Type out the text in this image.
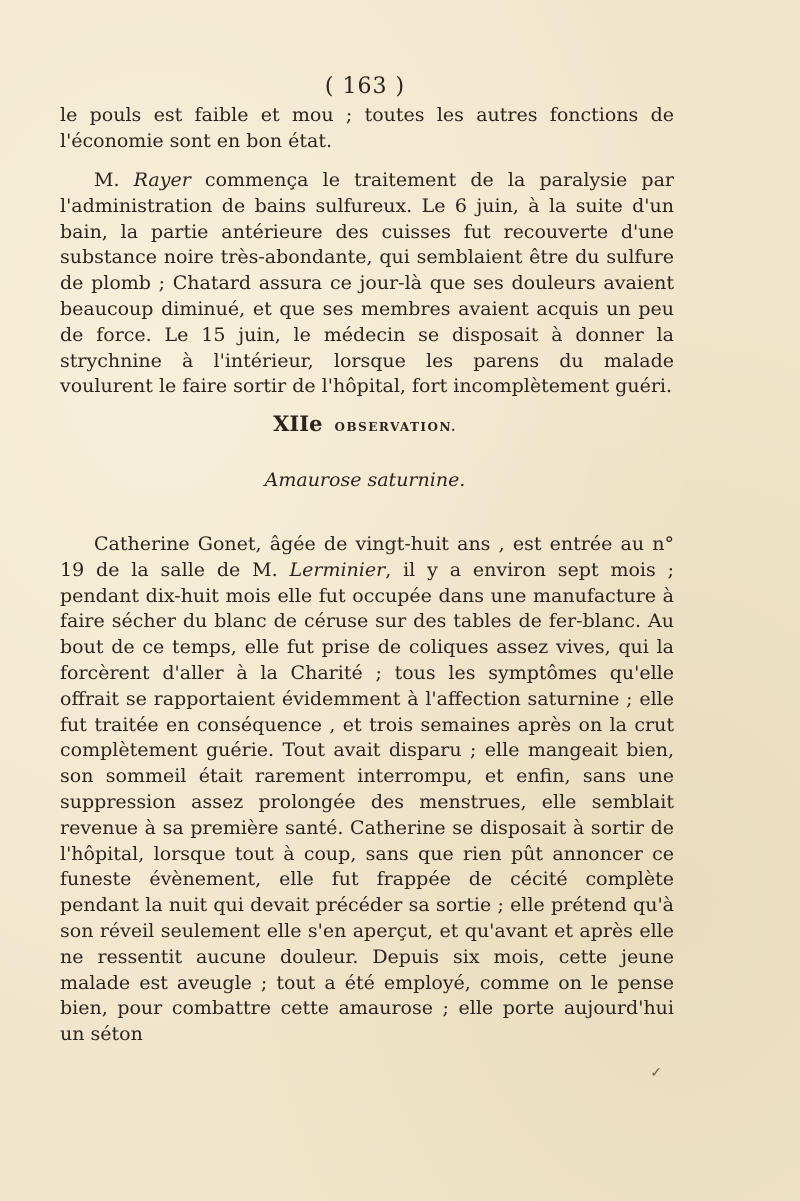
( 163 )
le pouls est faible et mou ; toutes les autres fonctions de l'économie sont en bon état.
M. Rayer commença le traitement de la paralysie par l'administration de bains sulfureux. Le 6 juin, à la suite d'un bain, la partie antérieure des cuisses fut recouverte d'une substance noire très-abondante, qui semblaient être du sulfure de plomb ; Chatard assura ce jour-là que ses douleurs avaient beaucoup diminué, et que ses membres avaient acquis un peu de force. Le 15 juin, le médecin se disposait à donner la strychnine à l'intérieur, lorsque les parens du malade voulurent le faire sortir de l'hôpital, fort incomplètement guéri.
XIIe OBSERVATION.
Amaurose saturnine.
Catherine Gonet, âgée de vingt-huit ans , est entrée au n° 19 de la salle de M. Lerminier, il y a environ sept mois ; pendant dix-huit mois elle fut occupée dans une manufacture à faire sécher du blanc de céruse sur des tables de fer-blanc. Au bout de ce temps, elle fut prise de coliques assez vives, qui la forcèrent d'aller à la Charité ; tous les symptômes qu'elle offrait se rapportaient évidemment à l'affection saturnine ; elle fut traitée en conséquence , et trois semaines après on la crut complètement guérie. Tout avait disparu ; elle mangeait bien, son sommeil était rarement interrompu, et enfin, sans une suppression assez prolongée des menstrues, elle semblait revenue à sa première santé. Catherine se disposait à sortir de l'hôpital, lorsque tout à coup, sans que rien pût annoncer ce funeste évènement, elle fut frappée de cécité complète pendant la nuit qui devait précéder sa sortie ; elle prétend qu'à son réveil seulement elle s'en aperçut, et qu'avant et après elle ne ressentit aucune douleur. Depuis six mois, cette jeune malade est aveugle ; tout a été employé, comme on le pense bien, pour combattre cette amaurose ; elle porte aujourd'hui un séton
✓
